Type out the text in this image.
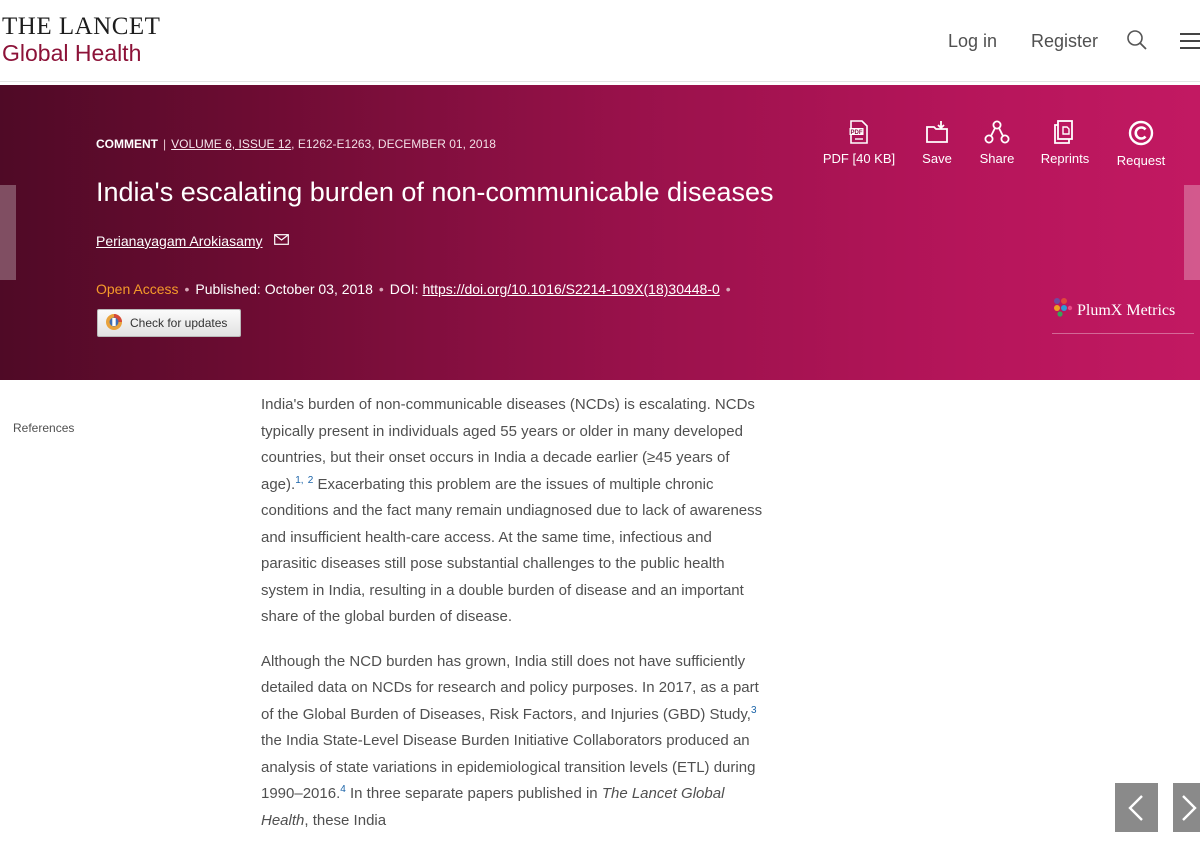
THE LANCET
Global Health	Log in Register
COMMENT | VOLUME 6, ISSUE 12, E1262-E1263, DECEMBER 01, 2018
India's escalating burden of non-communicable diseases
Perianayagam Arokiasamy
Open Access • Published: October 03, 2018 • DOI: https://doi.org/10.1016/S2214-109X(18)30448-0 •
Check for updates
PDF
PDF [40 KB]	Save	Share	Reprints Request
PlumX Metrics
References

India's burden of non-communicable diseases (NCDs) is escalating. NCDs typically present in individuals aged 55 years or older in many developed countries, but their onset occurs in India a decade earlier (≥45 years of age).$^{1,}$ $^2$ Exacerbating this problem are the issues of multiple chronic conditions and the fact many remain undiagnosed due to lack of awareness and insufficient health-care access. At the same time, infectious and parasitic diseases still pose substantial challenges to the public health system in India, resulting in a double burden of disease and an important share of the global burden of disease.

Although the NCD burden has grown, India still does not have sufficiently detailed data on NCDs for research and policy purposes. In 2017, as a part of the Global Burden of Diseases, Risk Factors, and Injuries (GBD) Study,$^3$ the India State-Level Disease Burden Initiative Collaborators produced an analysis of state variations in epidemiological transition levels (ETL) during 1990–2016.$^4$ In three separate papers published in The Lancet Global Health, these India
